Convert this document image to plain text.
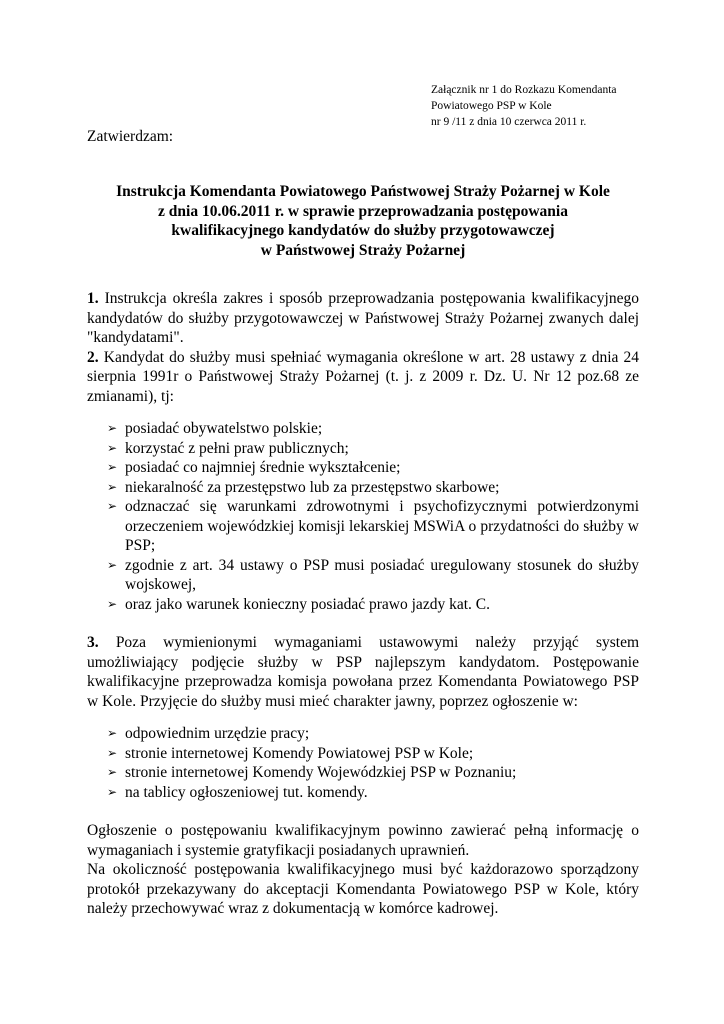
Załącznik nr 1 do Rozkazu Komendanta
Powiatowego PSP w Kole
nr 9 /11 z dnia 10 czerwca 2011 r.
Zatwierdzam:
Instrukcja Komendanta Powiatowego Państwowej Straży Pożarnej w Kole
z dnia 10.06.2011 r. w sprawie przeprowadzania postępowania
kwalifikacyjnego kandydatów do służby przygotowawczej
w Państwowej Straży Pożarnej

1. Instrukcja określa zakres i sposób przeprowadzania postępowania kwalifikacyjnego kandydatów do służby przygotowawczej w Państwowej Straży Pożarnej zwanych dalej "kandydatami".

2. Kandydat do służby musi spełniać wymagania określone w art. 28 ustawy z dnia 24 sierpnia 1991r o Państwowej Straży Pożarnej (t. j. z 2009 r. Dz. U. Nr 12 poz.68 ze zmianami), tj:

➢ posiadać obywatelstwo polskie;
➢ korzystać z pełni praw publicznych;
➢ posiadać co najmniej średnie wykształcenie;
➢ niekaralność za przestępstwo lub za przestępstwo skarbowe;
➢ odznaczać się warunkami zdrowotnymi i psychofizycznymi potwierdzonymi orzeczeniem wojewódzkiej komisji lekarskiej MSWiA o przydatności do służby w PSP;
➢ zgodnie z art. 34 ustawy o PSP musi posiadać uregulowany stosunek do służby wojskowej,
➢ oraz jako warunek konieczny posiadać prawo jazdy kat. C.

3. Poza wymienionymi wymaganiami ustawowymi należy przyjąć system umożliwiający podjęcie służby w PSP najlepszym kandydatom. Postępowanie kwalifikacyjne przeprowadza komisja powołana przez Komendanta Powiatowego PSP w Kole. Przyjęcie do służby musi mieć charakter jawny, poprzez ogłoszenie w:

➢ odpowiednim urzędzie pracy;
➢ stronie internetowej Komendy Powiatowej PSP w Kole;
➢ stronie internetowej Komendy Wojewódzkiej PSP w Poznaniu;
➢ na tablicy ogłoszeniowej tut. komendy.

Ogłoszenie o postępowaniu kwalifikacyjnym powinno zawierać pełną informację o wymaganiach i systemie gratyfikacji posiadanych uprawnień.

Na okoliczność postępowania kwalifikacyjnego musi być każdorazowo sporządzony protokół przekazywany do akceptacji Komendanta Powiatowego PSP w Kole, który należy przechowywać wraz z dokumentacją w komórce kadrowej.
